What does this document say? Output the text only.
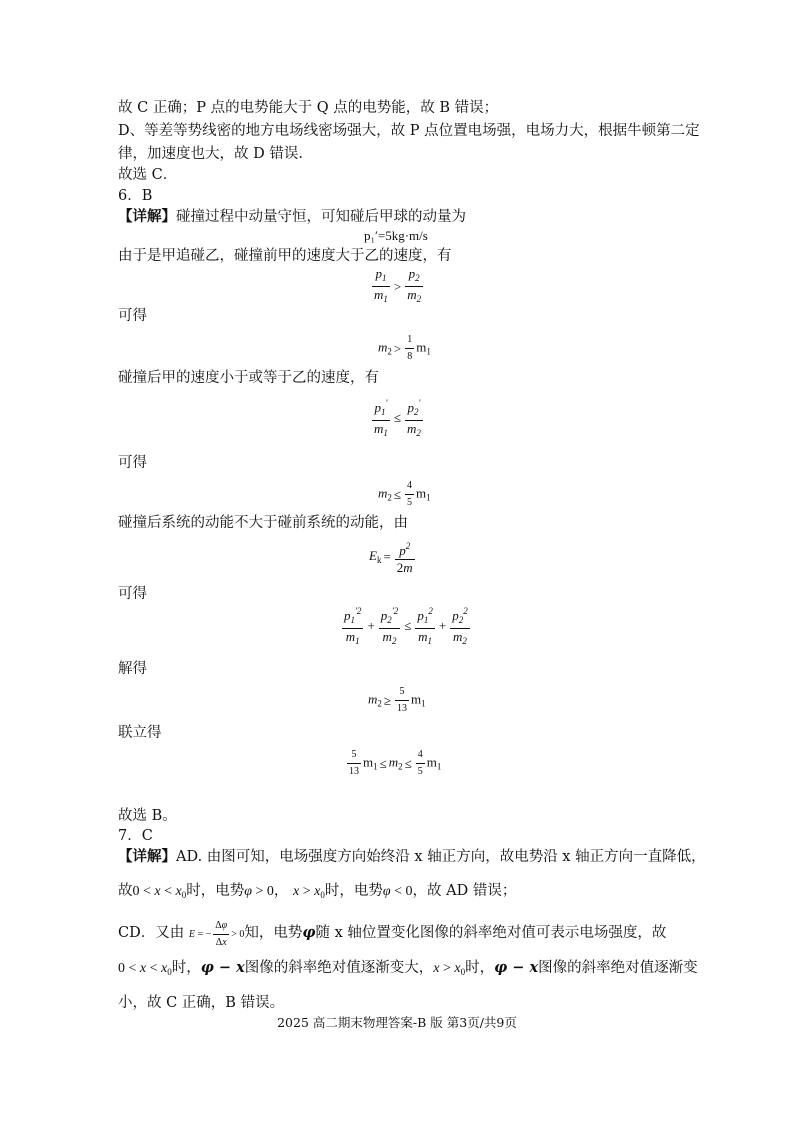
故 C 正确；P 点的电势能大于 Q 点的电势能，故 B 错误；
D、等差等势线密的地方电场线密场强大，故 P 点位置电场强，电场力大，根据牛顿第二定
律，加速度也大，故 D 错误.
故选 C．
6．B
【详解】碰撞过程中动量守恒，可知碰后甲球的动量为
p₁′=5kg·m/s
由于是甲追碰乙，碰撞前甲的速度大于乙的速度，有
$\frac{p_1}{m_1} > \frac{p_2}{m_2}$
可得
$m_2 > \frac{1}{8} m_1$
碰撞后甲的速度小于或等于乙的速度，有
$\frac{p_1'}{m_1} \le \frac{p_2'}{m_2}$
可得
$m_2 \le \frac{4}{5} m_1$
碰撞后系统的动能不大于碰前系统的动能，由
$E_k = \frac{p^2}{2m}$
可得
$\frac{p_1^{'2}}{m_1} + \frac{p_2^{'2}}{m_2} \le \frac{p_1^2}{m_1} + \frac{p_2^2}{m_2}$
解得
$m_2 \ge \frac{5}{13} m_1$
联立得
$\frac{5}{13} m_1 \le m_2 \le \frac{4}{5} m_1$
故选 B。
7．C
【详解】AD. 由图可知，电场强度方向始终沿 x 轴正方向，故电势沿 x 轴正方向一直降低，
故$0 < x < x_0$时，电势φ > 0， $x > x_0$时，电势φ < 0，故 AD 错误；
CD．又由 E = − $\frac{\Delta\varphi}{\Delta x} > 0$知，电势φ随 x 轴位置变化图像的斜率绝对值可表示电场强度，故
$0 < x < x_0$时，φ − x图像的斜率绝对值逐渐变大，$x > x_0$时，φ − x图像的斜率绝对值逐渐变
小，故 C 正确，B 错误。
2025 高二期末物理答案-B 版 第3页/共9页
